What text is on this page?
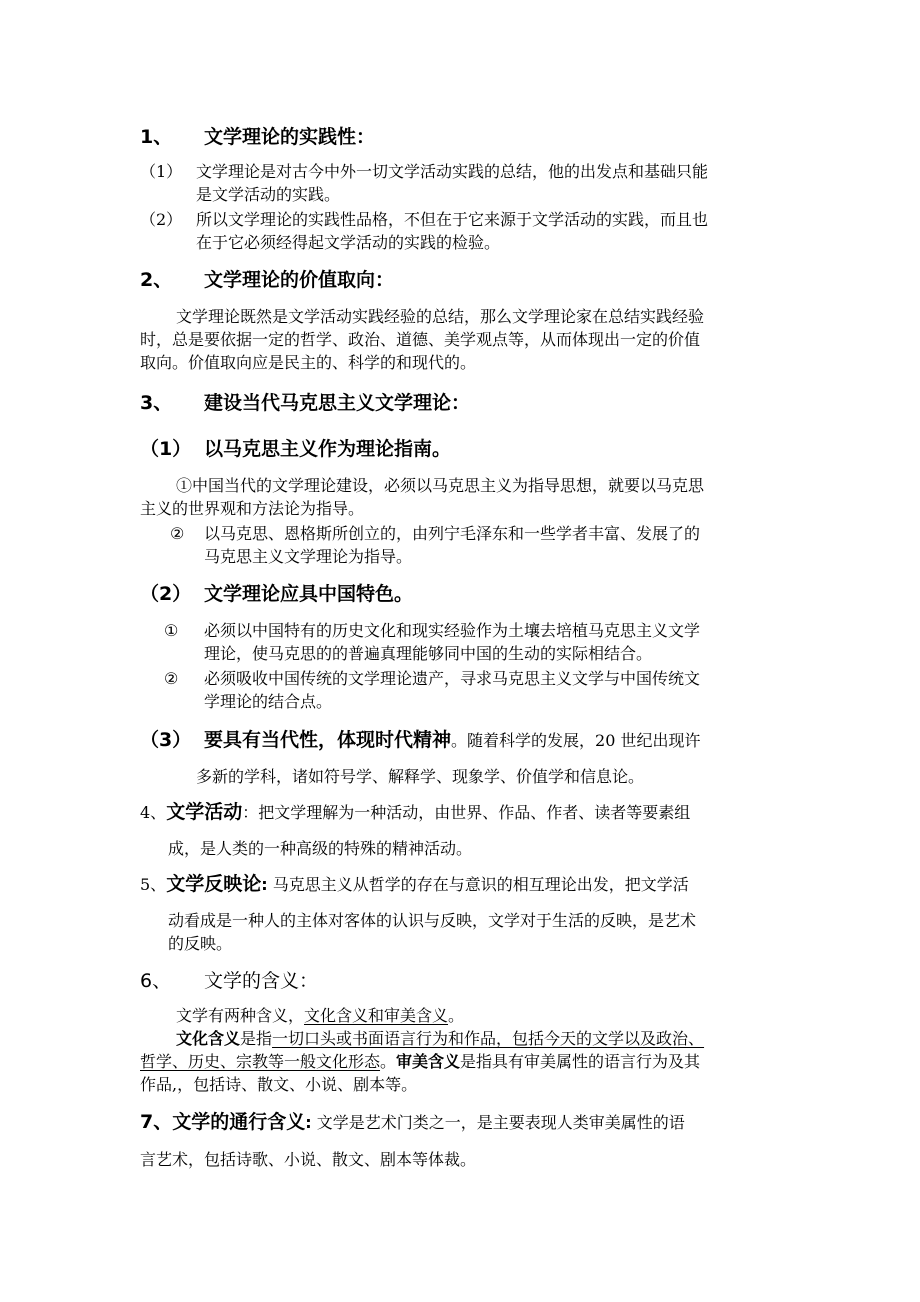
1、 文学理论的实践性：
（1） 文学理论是对古今中外一切文学活动实践的总结，他的出发点和基础只能
是文学活动的实践。
（2） 所以文学理论的实践性品格，不但在于它来源于文学活动的实践，而且也
在于它必须经得起文学活动的实践的检验。
2、 文学理论的价值取向：
文学理论既然是文学活动实践经验的总结，那么文学理论家在总结实践经验
时，总是要依据一定的哲学、政治、道德、美学观点等，从而体现出一定的价值
取向。价值取向应是民主的、科学的和现代的。
3、 建设当代马克思主义文学理论：
（1） 以马克思主义作为理论指南。
①中国当代的文学理论建设，必须以马克思主义为指导思想，就要以马克思
主义的世界观和方法论为指导。
② 以马克思、恩格斯所创立的，由列宁毛泽东和一些学者丰富、发展了的
马克思主义文学理论为指导。
（2） 文学理论应具中国特色。
① 必须以中国特有的历史文化和现实经验作为土壤去培植马克思主义文学
理论，使马克思的的普遍真理能够同中国的生动的实际相结合。
② 必须吸收中国传统的文学理论遗产，寻求马克思主义文学与中国传统文
学理论的结合点。
（3） 要具有当代性，体现时代精神。随着科学的发展，20 世纪出现许
多新的学科，诸如符号学、解释学、现象学、价值学和信息论。
4、文学活动：把文学理解为一种活动，由世界、作品、作者、读者等要素组
成，是人类的一种高级的特殊的精神活动。
5、文学反映论: 马克思主义从哲学的存在与意识的相互理论出发，把文学活
动看成是一种人的主体对客体的认识与反映，文学对于生活的反映，是艺术
的反映。
6、 文学的含义：
文学有两种含义，文化含义和审美含义。
文化含义是指一切口头或书面语言行为和作品，包括今天的文学以及政治、
哲学、历史、宗教等一般文化形态。审美含义是指具有审美属性的语言行为及其
作品,，包括诗、散文、小说、剧本等。
7、文学的通行含义: 文学是艺术门类之一，是主要表现人类审美属性的语
言艺术，包括诗歌、小说、散文、剧本等体裁。
